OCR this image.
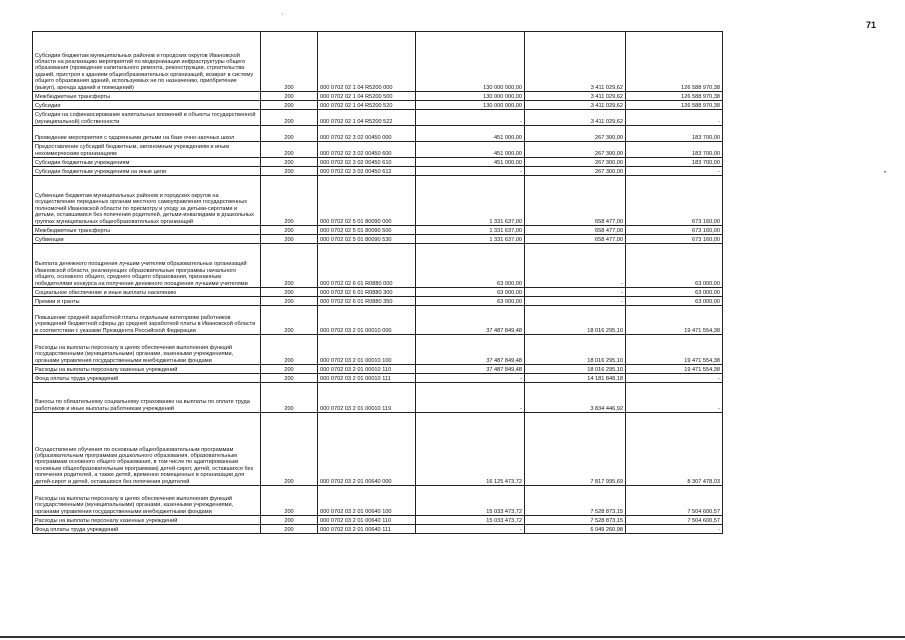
71
'
•
Субсидии бюджетам муниципальных районов и городских округов Ивановской области на реализацию мероприятий по модернизации инфраструктуры общего образования (проведение капитального ремонта, реконструкции, строительства зданий, пристроя к зданиям общеобразовательных организаций, возврат в систему общего образования зданий, используемых не по назначению, приобретение (выкуп), аренда зданий и помещений)	200	000 0702 02 1 04 R5200 000	130 000 000,00	3 411 029,62	126 588 970,38
Межбюджетные трансферты	200	000 0702 02 1 04 R5200 500	130 000 000,00	3 411 029,62	126 588 970,38
Субсидии	200	000 0702 02 1 04 R5200 520	130 000 000,00	3 411 029,62	126 588 970,38
Субсидии на софинансирование капитальных вложений в объекты государственной (муниципальной) собственности	200	000 0702 02 1 04 R5200 522	-	3 411 029,62	-
Проведение мероприятия с одаренными детьми на базе очно-заочных школ	200	000 0702 02 3 02 00450 000	451 000,00	267 300,00	183 700,00
Предоставление субсидий бюджетным, автономным учреждениям и иным некоммерческим организациям	200	000 0702 02 3 02 00450 600	451 000,00	267 300,00	183 700,00
Субсидии бюджетным учреждениям	200	000 0702 02 3 02 00450 610	451 000,00	267 300,00	183 700,00
Субсидии бюджетным учреждениям на иные цели	200	000 0702 02 3 02 00450 612	-	267 300,00	-
Субвенции бюджетам муниципальных районов и городских округов на осуществление переданных органам местного самоуправления государственных полномочий Ивановской области по присмотру и уходу за детьми-сиротами и детьми, оставшимися без попечения родителей, детьми-инвалидами в дошкольных группах муниципальных общеобразовательных организаций	200	000 0702 02 5 01 80090 000	1 331 637,00	658 477,00	673 160,00
Межбюджетные трансферты	200	000 0702 02 5 01 80090 500	1 331 637,00	658 477,00	673 160,00
Субвенции	200	000 0702 02 5 01 80090 530	1 331 637,00	658 477,00	673 160,00
Выплата денежного поощрения лучшим учителям образовательных организаций Ивановской области, реализующих образовательные программы начального общего, основного общего, среднего общего образования, признанным победителями конкурса на получение денежного поощрения лучшими учителями	200	000 0702 02 6 01 R0880 000	63 000,00	-	63 000,00
Социальное обеспечение и иные выплаты населению	200	000 0702 02 6 01 R0880 300	63 000,00	-	63 000,00
Премии и гранты	200	000 0702 02 6 01 R0880 350	63 000,00	-	63 000,00
Повышение средней заработной платы отдельным категориям работников учреждений бюджетной сферы до средней заработной платы в Ивановской области в соответствии с указами Президента Российской Федерации	200	000 0702 03 2 01 00010 000	37 487 849,48	18 016 295,10	19 471 554,38
Расходы на выплаты персоналу в целях обеспечения выполнения функций государственными (муниципальными) органами, казенными учреждениями, органами управления государственными внебюджетными фондами	200	000 0702 03 2 01 00010 100	37 487 849,48	18 016 295,10	19 471 554,38
Расходы на выплаты персоналу казенных учреждений	200	000 0702 03 2 01 00010 110	37 487 849,48	18 016 295,10	19 471 554,38
Фонд оплаты труда учреждений	200	000 0702 03 2 01 00010 111	-	14 181 848,18	-
Взносы по обязательному социальному страхованию на выплаты по оплате труда работников и иные выплаты работникам учреждений	200	000 0702 03 2 01 00010 119	-	3 834 446,92	-
Осуществление обучения по основным общеобразовательным программам (образовательным программам дошкольного образования, образовательным программам основного общего образования, в том числе по адаптированным основным общеобразовательным программам) детей-сирот, детей, оставшихся без попечения родителей, а также детей, временно помещенных в организации для детей-сирот и детей, оставшихся без попечения родителей	200	000 0702 03 2 01 00640 000	16 125 473,72	7 817 995,69	8 307 478,03
Расходы на выплаты персоналу в целях обеспечения выполнения функций государственными (муниципальными) органами, казенными учреждениями, органами управления государственными внебюджетными фондами	200	000 0702 03 2 01 00640 100	15 033 473,72	7 528 873,15	7 504 600,57
Расходы на выплаты персоналу казенных учреждений	200	000 0702 03 2 01 00640 110	15 033 473,72	7 528 873,15	7 504 600,57
Фонд оплаты труда учреждений	200	000 0702 03 2 01 00640 111	-	6 049 260,98	-
